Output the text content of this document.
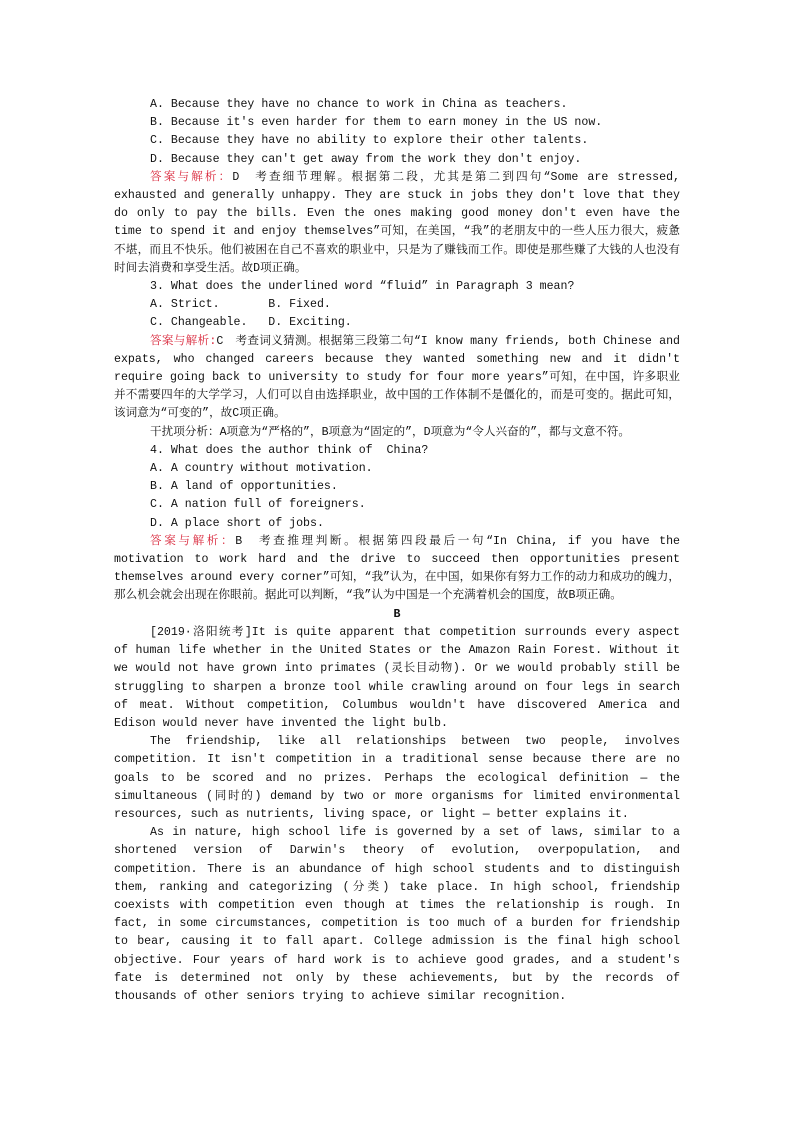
A. Because they have no chance to work in China as teachers.

B. Because it's even harder for them to earn money in the US now.

C. Because they have no ability to explore their other talents.

D. Because they can't get away from the work they don't enjoy.

答案与解析：D　考查细节理解。根据第二段，尤其是第二到四句“Some are stressed, exhausted and generally unhappy. They are stuck in jobs they don't love that they do only to pay the bills. Even the ones making good money don't even have the time to spend it and enjoy themselves”可知，在美国，“我”的老朋友中的一些人压力很大，疲惫不堪，而且不快乐。他们被困在自己不喜欢的职业中，只是为了赚钱而工作。即使是那些赚了大钱的人也没有时间去消费和享受生活。故D项正确。

3. What does the underlined word “fluid” in Paragraph 3 mean?

A. Strict.       B. Fixed.

C. Changeable.   D. Exciting.

答案与解析:C　考查词义猜测。根据第三段第二句“I know many friends, both Chinese and expats, who changed careers because they wanted something new and it didn't require going back to university to study for four more years”可知，在中国，许多职业并不需要四年的大学学习，人们可以自由选择职业，故中国的工作体制不是僵化的，而是可变的。据此可知，该词意为“可变的”，故C项正确。

干扰项分析：A项意为“严格的”，B项意为“固定的”，D项意为“令人兴奋的”，都与文意不符。

4. What does the author think of  China?

A. A country without motivation.

B. A land of opportunities.

C. A nation full of foreigners.

D. A place short of jobs.

答案与解析：B　考查推理判断。根据第四段最后一句“In China, if you have the motivation to work hard and the drive to succeed then opportunities present themselves around every corner”可知，“我”认为，在中国，如果你有努力工作的动力和成功的魄力，那么机会就会出现在你眼前。据此可以判断，“我”认为中国是一个充满着机会的国度，故B项正确。

B

[2019·洛阳统考]It is quite apparent that competition surrounds every aspect of human life whether in the United States or the Amazon Rain Forest. Without it we would not have grown into primates (灵长目动物). Or we would probably still be struggling to sharpen a bronze tool while crawling around on four legs in search of meat. Without competition, Columbus wouldn't have discovered America and Edison would never have invented the light bulb.

The friendship, like all relationships between two people, involves competition. It isn't competition in a traditional sense because there are no goals to be scored and no prizes. Perhaps the ecological definition — the simultaneous (同时的) demand by two or more organisms for limited environmental resources, such as nutrients, living space, or light — better explains it.

As in nature, high school life is governed by a set of laws, similar to a shortened version of Darwin's theory of evolution, overpopulation, and competition. There is an abundance of high school students and to distinguish them, ranking and categorizing (分类) take place. In high school, friendship coexists with competition even though at times the relationship is rough. In fact, in some circumstances, competition is too much of a burden for friendship to bear, causing it to fall apart. College admission is the final high school objective. Four years of hard work is to achieve good grades, and a student's fate is determined not only by these achievements, but by the records of thousands of other seniors trying to achieve similar recognition.
